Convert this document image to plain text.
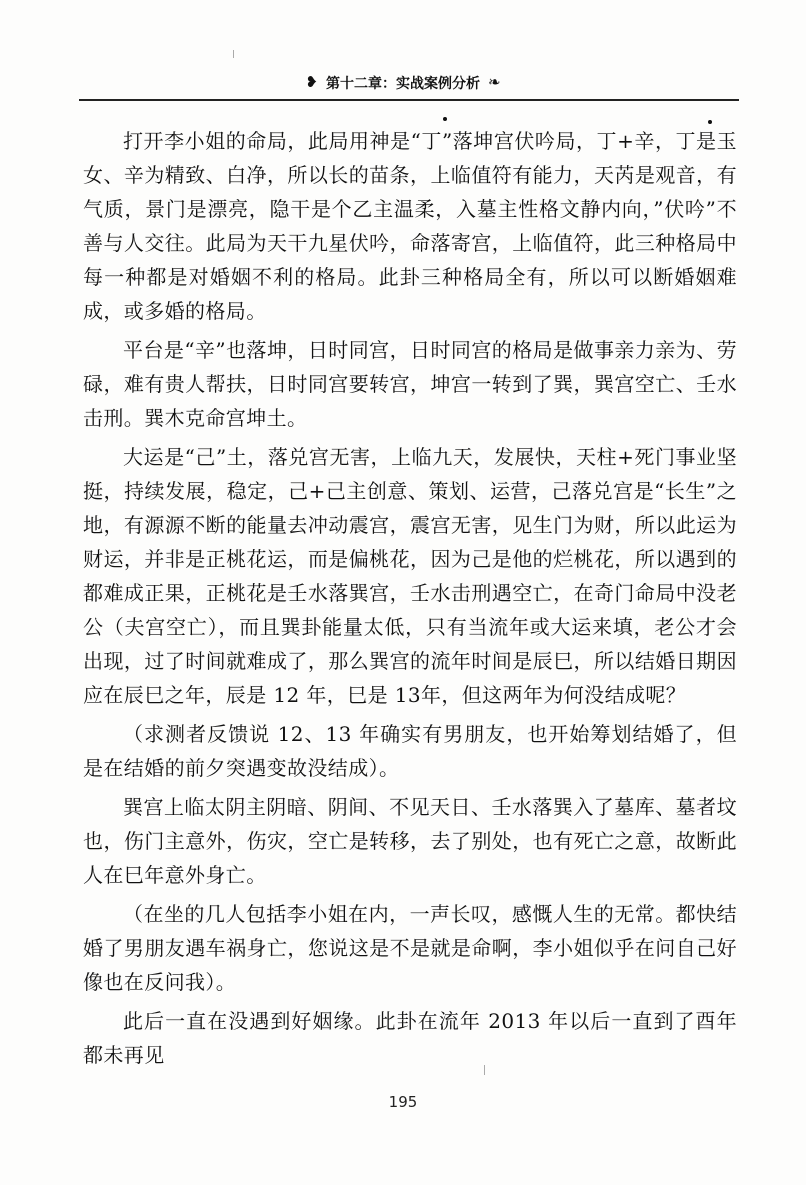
❥ 第十二章：实战案例分析 ❧

打开李小姐的命局，此局用神是“丁”落坤宫伏吟局，丁+辛，丁是玉女、辛为精致、白净，所以长的苗条，上临值符有能力，天芮是观音，有气质，景门是漂亮，隐干是个乙主温柔，入墓主性格文静内向，”伏吟”不善与人交往。此局为天干九星伏吟，命落寄宫，上临值符，此三种格局中每一种都是对婚姻不利的格局。此卦三种格局全有，所以可以断婚姻难成，或多婚的格局。

平台是“辛”也落坤，日时同宫，日时同宫的格局是做事亲力亲为、劳碌，难有贵人帮扶，日时同宫要转宫，坤宫一转到了巽，巽宫空亡、壬水击刑。巽木克命宫坤土。

大运是“己”土，落兑宫无害，上临九天，发展快，天柱+死门事业坚挺，持续发展，稳定，己+己主创意、策划、运营，己落兑宫是“长生”之地，有源源不断的能量去冲动震宫，震宫无害，见生门为财，所以此运为财运，并非是正桃花运，而是偏桃花，因为己是他的烂桃花，所以遇到的都难成正果，正桃花是壬水落巽宫，壬水击刑遇空亡，在奇门命局中没老公（夫宫空亡），而且巽卦能量太低，只有当流年或大运来填，老公才会出现，过了时间就难成了，那么巽宫的流年时间是辰巳，所以结婚日期因应在辰巳之年，辰是 12 年，巳是 13年，但这两年为何没结成呢？

（求测者反馈说 12、13 年确实有男朋友，也开始筹划结婚了，但是在结婚的前夕突遇变故没结成）。

巽宫上临太阴主阴暗、阴间、不见天日、壬水落巽入了墓库、墓者坟也，伤门主意外，伤灾，空亡是转移，去了别处，也有死亡之意，故断此人在巳年意外身亡。

（在坐的几人包括李小姐在内，一声长叹，感慨人生的无常。都快结婚了男朋友遇车祸身亡，您说这是不是就是命啊，李小姐似乎在问自己好像也在反问我）。

此后一直在没遇到好姻缘。此卦在流年 2013 年以后一直到了酉年都未再见

195
